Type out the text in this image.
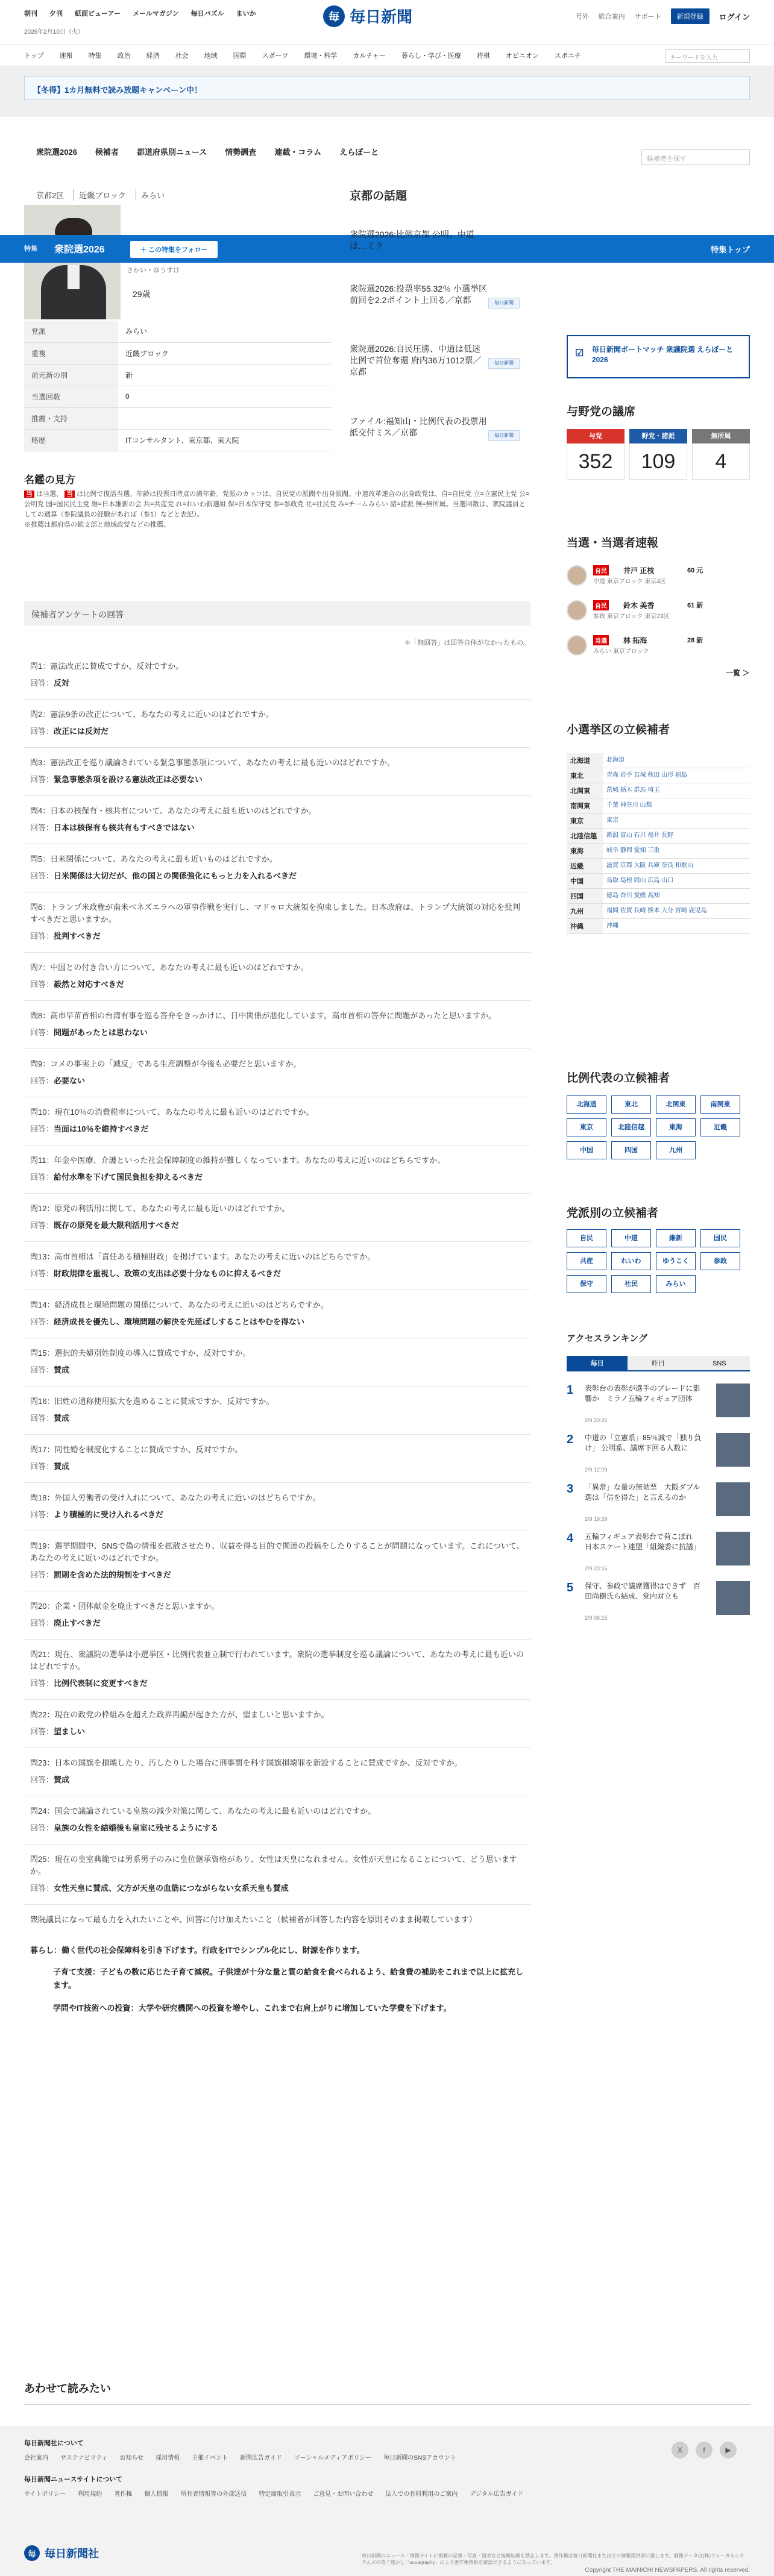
朝刊 夕刊 紙面ビューアー メールマガジン 毎日パズル まいか	毎 毎日新聞	号外 総合案内 サポート	新規登録	ログイン
2026年2月10日（火）
トップ 速報 特集 政治 経済 社会 地域 国際 スポーツ 環境・科学 カルチャー 暮らし・学び・医療 将棋 オピニオン スポニチ	キーワードを入力
【冬得】1カ月無料で読み放題キャンペーン中！
衆院選2026 候補者 都道府県別ニュース 情勢調査 連載・コラム えらぼーと
候補者を探す
京都2区	近畿ブロック	みらい
特集 衆院選2026	＋ この特集をフォロー	特集トップ
さかい・ゆうすけ
29歳
党派	みらい
重複	近畿ブロック
前元新の別	新
当選回数	0
推薦・支持	
略歴	ITコンサルタント、東京都、東大院
名鑑の見方
当 は当選、 当 は比例で復活当選。年齢は投票日時点の満年齢。党派のカッコは、自民党の派閥や出身派閥。中道改革連合の出身政党は、自=自民党 立=立憲民主党 公=公明党 国=国民民主党 維=日本維新の会 共=共産党 れ=れいわ新選組 保=日本保守党 参=参政党 社=社民党 み=チームみらい 諸=諸派 無=無所属。当選回数は、衆院議員としての通算（参院議員の経験があれば（参1）などと表記）。
※推薦は都府県の総支部と地域政党などの推薦。
候補者アンケートの回答
＊「無回答」は回答自体がなかったもの。
問1：憲法改正に賛成ですか、反対ですか。
回答：反対
問2：憲法9条の改正について、あなたの考えに近いのはどれですか。
回答：改正には反対だ
問3：憲法改正を巡り議論されている緊急事態条項について、あなたの考えに最も近いのはどれですか。
回答：緊急事態条項を設ける憲法改正は必要ない
問4：日本の核保有・核共有について、あなたの考えに最も近いのはどれですか。
回答：日本は核保有も核共有もすべきではない
問5：日米関係について、あなたの考えに最も近いものはどれですか。
回答：日米関係は大切だが、他の国との関係強化にもっと力を入れるべきだ
問6：トランプ米政権が南米ベネズエラへの軍事作戦を実行し、マドゥロ大統領を拘束しました。日本政府は、トランプ大統領の対応を批判すべきだと思いますか。
回答：批判すべきだ
問7：中国との付き合い方について、あなたの考えに最も近いのはどれですか。
回答：毅然と対応すべきだ
問8：高市早苗首相の台湾有事を巡る答弁をきっかけに、日中関係が悪化しています。高市首相の答弁に問題があったと思いますか。
回答：問題があったとは思わない
問9：コメの事実上の「減反」である生産調整が今後も必要だと思いますか。
回答：必要ない
問10：現在10％の消費税率について、あなたの考えに最も近いのはどれですか。
回答：当面は10％を維持すべきだ
問11：年金や医療、介護といった社会保障制度の維持が難しくなっています。あなたの考えに近いのはどちらですか。
回答：給付水準を下げて国民負担を抑えるべきだ
問12：原発の利活用に関して、あなたの考えに最も近いのはどれですか。
回答：既存の原発を最大限利活用すべきだ
問13：高市首相は「責任ある積極財政」を掲げています。あなたの考えに近いのはどちらですか。
回答：財政規律を重視し、政策の支出は必要十分なものに抑えるべきだ
問14：経済成長と環境問題の関係について、あなたの考えに近いのはどちらですか。
回答：経済成長を優先し、環境問題の解決を先延ばしすることはやむを得ない
問15：選択的夫婦別姓制度の導入に賛成ですか、反対ですか。
回答：賛成
問16：旧姓の通称使用拡大を進めることに賛成ですか、反対ですか。
回答：賛成
問17：同性婚を制度化することに賛成ですか、反対ですか。
回答：賛成
問18：外国人労働者の受け入れについて、あなたの考えに近いのはどちらですか。
回答：より積極的に受け入れるべきだ
問19：選挙期間中、SNSで偽の情報を拡散させたり、収益を得る目的で関連の投稿をしたりすることが問題になっています。これについて、あなたの考えに近いのはどれですか。
回答：罰則を含めた法的規制をすべきだ
問20：企業・団体献金を廃止すべきだと思いますか。
回答：廃止すべきだ
問21：現在、衆議院の選挙は小選挙区・比例代表並立制で行われています。衆院の選挙制度を巡る議論について、あなたの考えに最も近いのはどれですか。
回答：比例代表制に変更すべきだ
問22：現在の政党の枠組みを超えた政界再編が起きた方が、望ましいと思いますか。
回答：望ましい
問23：日本の国旗を損壊したり、汚したりした場合に刑事罰を科す国旗損壊罪を新設することに賛成ですか、反対ですか。
回答：賛成
問24：国会で議論されている皇族の減少対策に関して、あなたの考えに最も近いのはどれですか。
回答：皇族の女性を結婚後も皇室に残せるようにする
問25：現在の皇室典範では男系男子のみに皇位継承資格があり、女性は天皇になれません。女性が天皇になることについて、どう思いますか。
回答：女性天皇に賛成、父方が天皇の血筋につながらない女系天皇も賛成
衆院議員になって最も力を入れたいことや、回答に付け加えたいこと（候補者が回答した内容を原則そのまま掲載しています）
暮らし：働く世代の社会保障料を引き下げます。行政をITでシンプル化にし、財源を作ります。
子育て支援：子どもの数に応じた子育て減税。子供達が十分な量と質の給食を食べられるよう、給食費の補助をこれまで以上に拡充します。
学問やIT技術への投資：大学や研究機関への投資を増やし、これまで右肩上がりに増加していた学費を下げます。
京都の話題
衆院選2026:比例京都 公明、中道は…ミラ
衆院選2026:投票率55.32％ 小選挙区 前回を2.2ポイント上回る／京都	毎日新聞
衆院選2026:自民圧勝、中道は低迷 比例で首位奪還 府内36万1012票／京都
毎日新聞
ファイル:福知山・比例代表の投票用紙交付ミス／京都	毎日新聞
☑ 毎日新聞ボートマッチ 衆議院選 えらぼーと2026
与野党の議席
与党
352
野党・諸派
109
無所属
4
当選・当選者速報
自民 井戸 正枝
中道 東京ブロック 東京4区
60 元
自民 鈴木 美香
参政 東京ブロック 東京23区
61 新
当選 林 拓海
みらい 東京ブロック
28 新
一覧 ＞
小選挙区の立候補者
北海道	北海道
東北	青森 岩手 宮城 秋田 山形 福島
北関東	茨城 栃木 群馬 埼玉
南関東	千葉 神奈川 山梨
東京	東京
北陸信越	新潟 富山 石川 福井 長野
東海	岐阜 静岡 愛知 三重
近畿	滋賀 京都 大阪 兵庫 奈良 和歌山
中国	鳥取 島根 岡山 広島 山口
四国	徳島 香川 愛媛 高知
九州	福岡 佐賀 長崎 熊本 大分 宮崎 鹿児島
沖縄	沖縄
比例代表の立候補者
北海道	東北	北関東	南関東
東京	北陸信越	東海	近畿
中国	四国	九州
党派別の立候補者
自民	中道	維新	国民
共産	れいわ	ゆうこく	参政
保守	社民	みらい
アクセスランキング
毎日	昨日	SNS
1 表彰台の表彰が選手のブレードに影響か　ミラノ五輪フィギュア団体
2/9 20:25
2 中道の「立憲系」85％減で「独り負け」 公明系、議席下回る人数に
2/9 12:09
3 「異常」な量の無効票　大阪ダブル選は「信を得た」と言えるのか
2/9 19:39
4 五輪フィギュア表彰台で荷こぼれ　日本スケート連盟「組織委に抗議」
2/9 23:16
5 保守、参政で議席獲得はできず　百田尚樹氏ら結成、党内対立も
2/9 06:15
あわせて読みたい
毎日新聞社について
会社案内 サステナビリティ お知らせ 採用情報 主催イベント 新聞広告ガイド ソーシャルメディアポリシー 毎日新聞のSNSアカウント
毎日新聞ニュースサイトについて
サイトポリシー 利用規約 著作権 個人情報 所有者情報等の外部送信 特定商取引表示 ご意見・お問い合わせ 法人での有料利用のご案内 デジタル広告ガイド
毎 毎日新聞社	毎日新聞のニュース・情報サイトに掲載の記事・写真・図表など無断転載を禁止します。著作権は毎日新聞社またはその情報提供者に属します。画像データは(株)フォーカスシステムズの電子透かし「acuagraphy」により著作権情報を確認できるようになっています。
Copyright THE MAINICHI NEWSPAPERS. All rights reserved.
X	f	▶
